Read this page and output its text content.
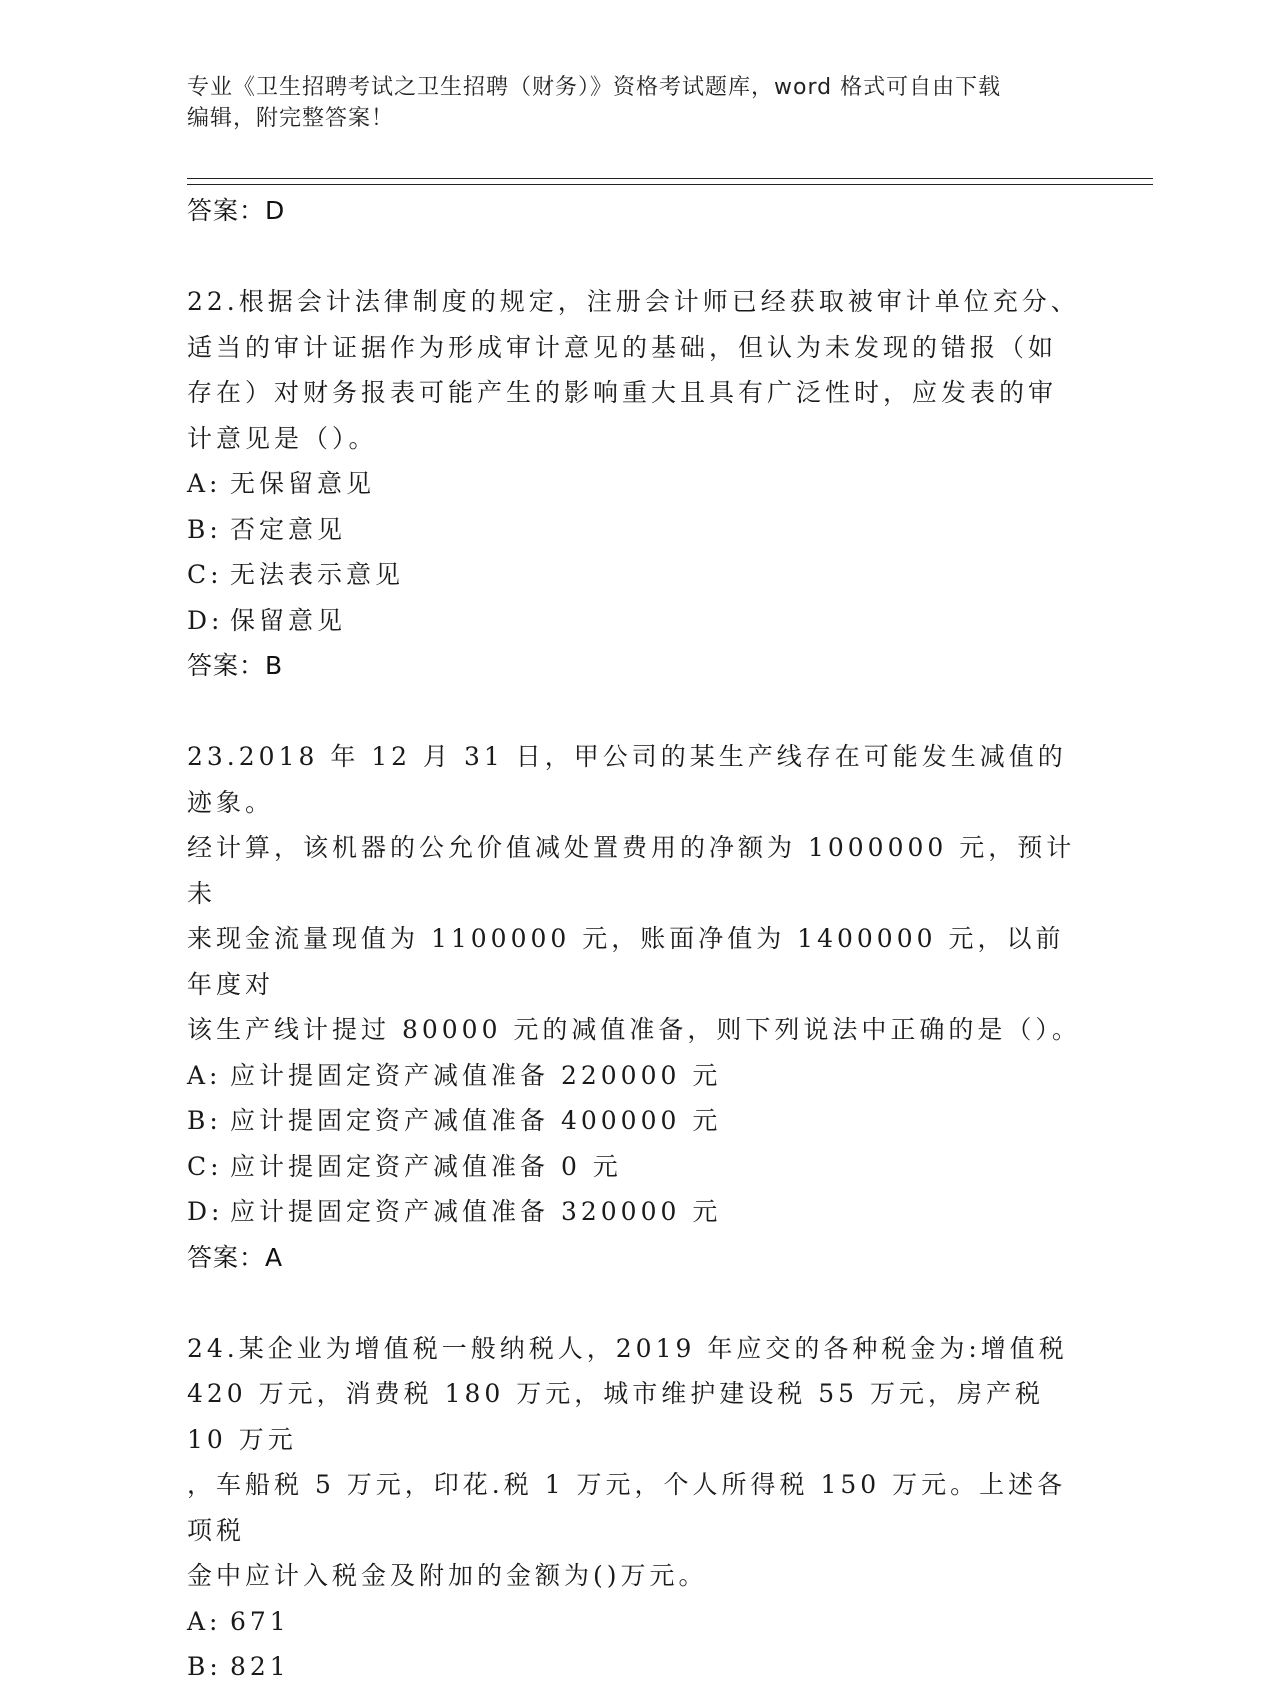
专业《卫生招聘考试之卫生招聘（财务）》资格考试题库，word 格式可自由下载
编辑，附完整答案！
答案：D

22.根据会计法律制度的规定，注册会计师已经获取被审计单位充分、

适当的审计证据作为形成审计意见的基础，但认为未发现的错报（如

存在）对财务报表可能产生的影响重大且具有广泛性时，应发表的审

计意见是（）。

A: 无保留意见
B: 否定意见
C: 无法表示意见
D: 保留意见
答案：B

23.2018 年 12 月 31 日，甲公司的某生产线存在可能发生减值的迹象。

经计算，该机器的公允价值减处置费用的净额为 1000000 元，预计未

来现金流量现值为 1100000 元，账面净值为 1400000 元，以前年度对

该生产线计提过 80000 元的减值准备，则下列说法中正确的是（）。

A: 应计提固定资产减值准备 220000 元
B: 应计提固定资产减值准备 400000 元
C: 应计提固定资产减值准备 0 元
D: 应计提固定资产减值准备 320000 元
答案：A

24.某企业为增值税一般纳税人，2019 年应交的各种税金为:增值税

420 万元，消费税 180 万元，城市维护建设税 55 万元，房产税 10 万元

，车船税 5 万元，印花.税 1 万元，个人所得税 150 万元。上述各项税

金中应计入税金及附加的金额为()万元。

A: 671
B: 821
